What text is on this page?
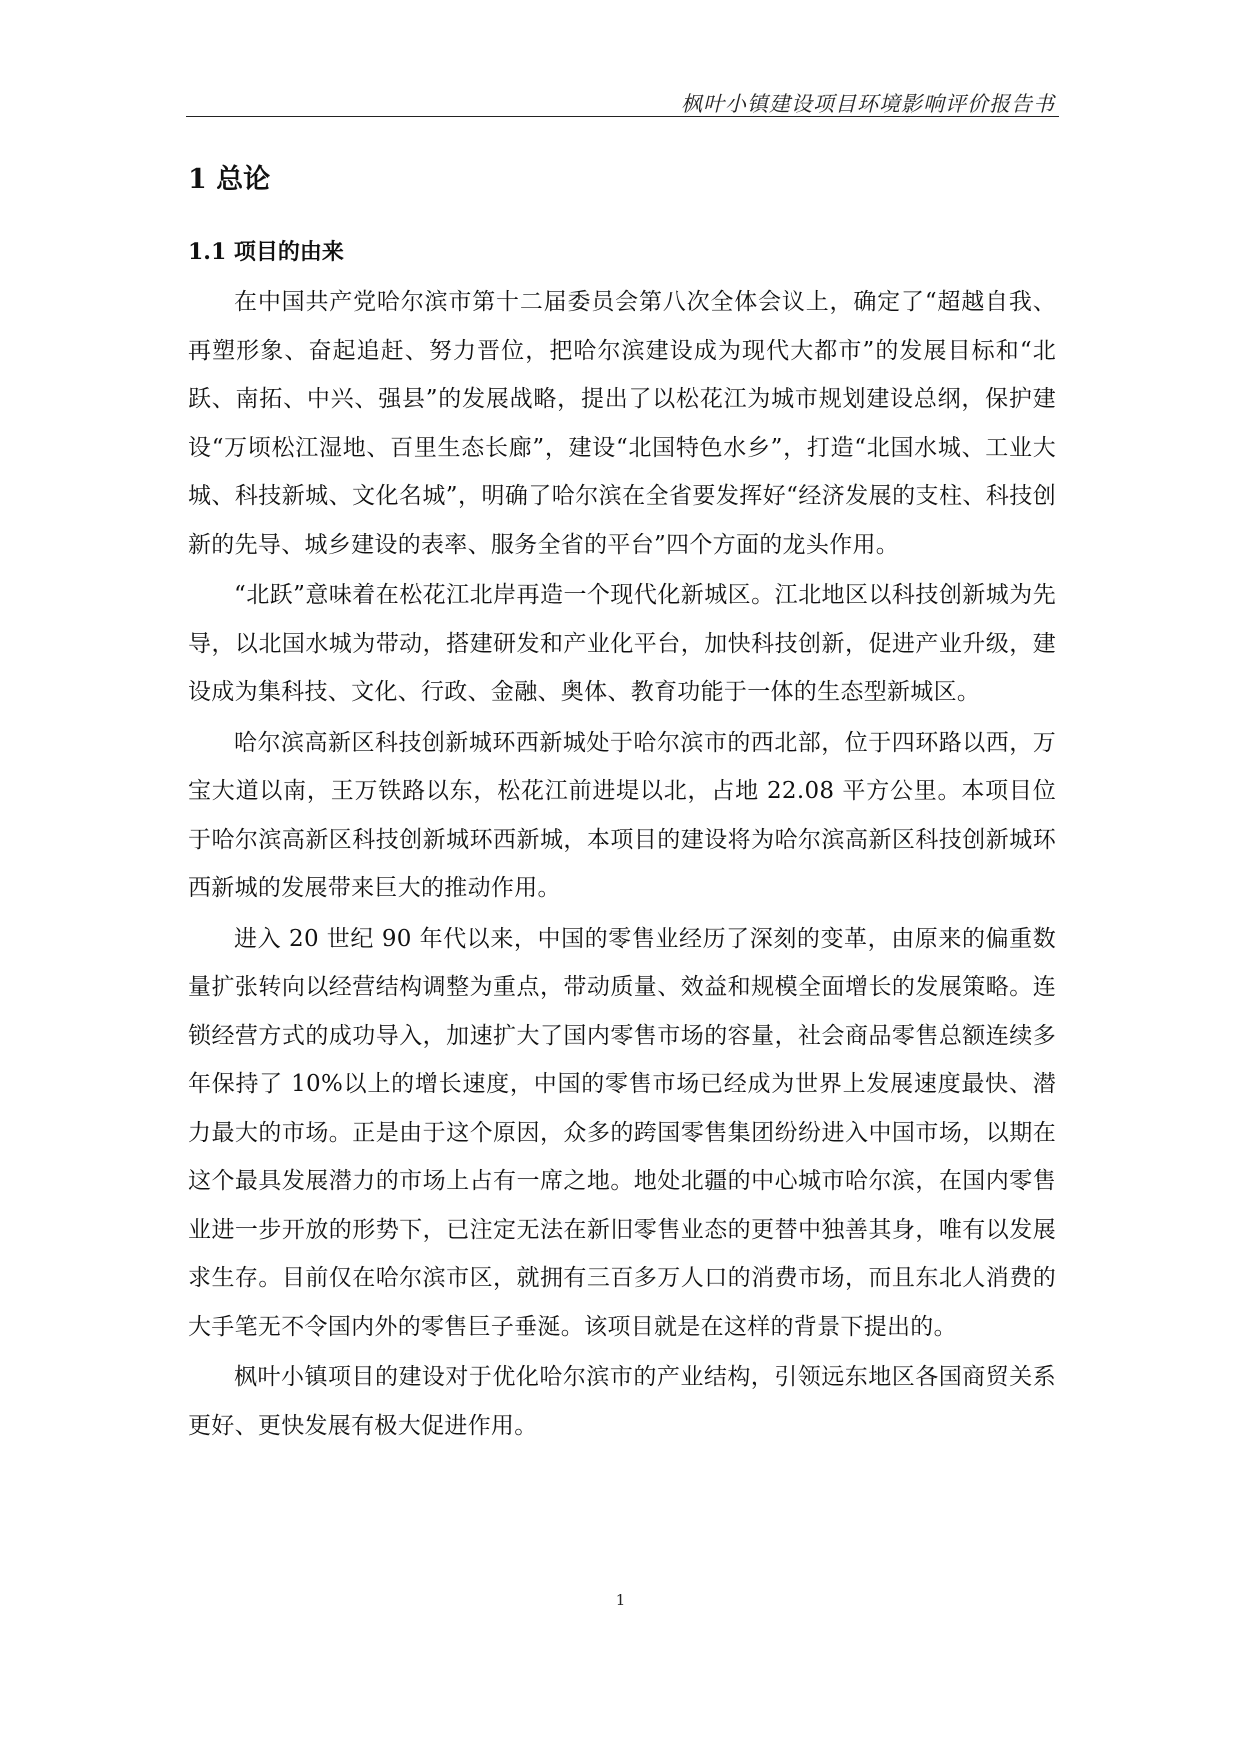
枫叶小镇建设项目环境影响评价报告书
1 总论
1.1 项目的由来

在中国共产党哈尔滨市第十二届委员会第八次全体会议上，确定了“超越自我、再塑形象、奋起追赶、努力晋位，把哈尔滨建设成为现代大都市”的发展目标和“北跃、南拓、中兴、强县”的发展战略，提出了以松花江为城市规划建设总纲，保护建设“万顷松江湿地、百里生态长廊”，建设“北国特色水乡”，打造“北国水城、工业大城、科技新城、文化名城”，明确了哈尔滨在全省要发挥好“经济发展的支柱、科技创新的先导、城乡建设的表率、服务全省的平台”四个方面的龙头作用。

“北跃”意味着在松花江北岸再造一个现代化新城区。江北地区以科技创新城为先导，以北国水城为带动，搭建研发和产业化平台，加快科技创新，促进产业升级，建设成为集科技、文化、行政、金融、奥体、教育功能于一体的生态型新城区。

哈尔滨高新区科技创新城环西新城处于哈尔滨市的西北部，位于四环路以西，万宝大道以南，王万铁路以东，松花江前进堤以北，占地 22.08 平方公里。本项目位于哈尔滨高新区科技创新城环西新城，本项目的建设将为哈尔滨高新区科技创新城环西新城的发展带来巨大的推动作用。

进入 20 世纪 90 年代以来，中国的零售业经历了深刻的变革，由原来的偏重数量扩张转向以经营结构调整为重点，带动质量、效益和规模全面增长的发展策略。连锁经营方式的成功导入，加速扩大了国内零售市场的容量，社会商品零售总额连续多年保持了 10%以上的增长速度，中国的零售市场已经成为世界上发展速度最快、潜力最大的市场。正是由于这个原因，众多的跨国零售集团纷纷进入中国市场，以期在这个最具发展潜力的市场上占有一席之地。地处北疆的中心城市哈尔滨，在国内零售业进一步开放的形势下，已注定无法在新旧零售业态的更替中独善其身，唯有以发展求生存。目前仅在哈尔滨市区，就拥有三百多万人口的消费市场，而且东北人消费的大手笔无不令国内外的零售巨子垂涎。该项目就是在这样的背景下提出的。

枫叶小镇项目的建设对于优化哈尔滨市的产业结构，引领远东地区各国商贸关系更好、更快发展有极大促进作用。

1
